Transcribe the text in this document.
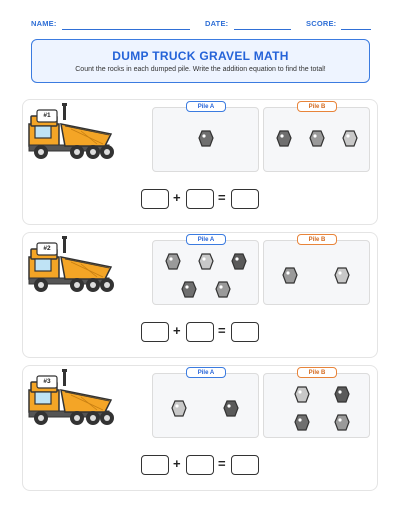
NAME:	DATE:	SCORE:
DUMP TRUCK GRAVEL MATH
Count the rocks in each dumped pile. Write the addition equation to find the total!
#1
Pile A	Pile B
+	=
#2
Pile A	Pile B
+	=
#3
Pile A	Pile B
+	=
